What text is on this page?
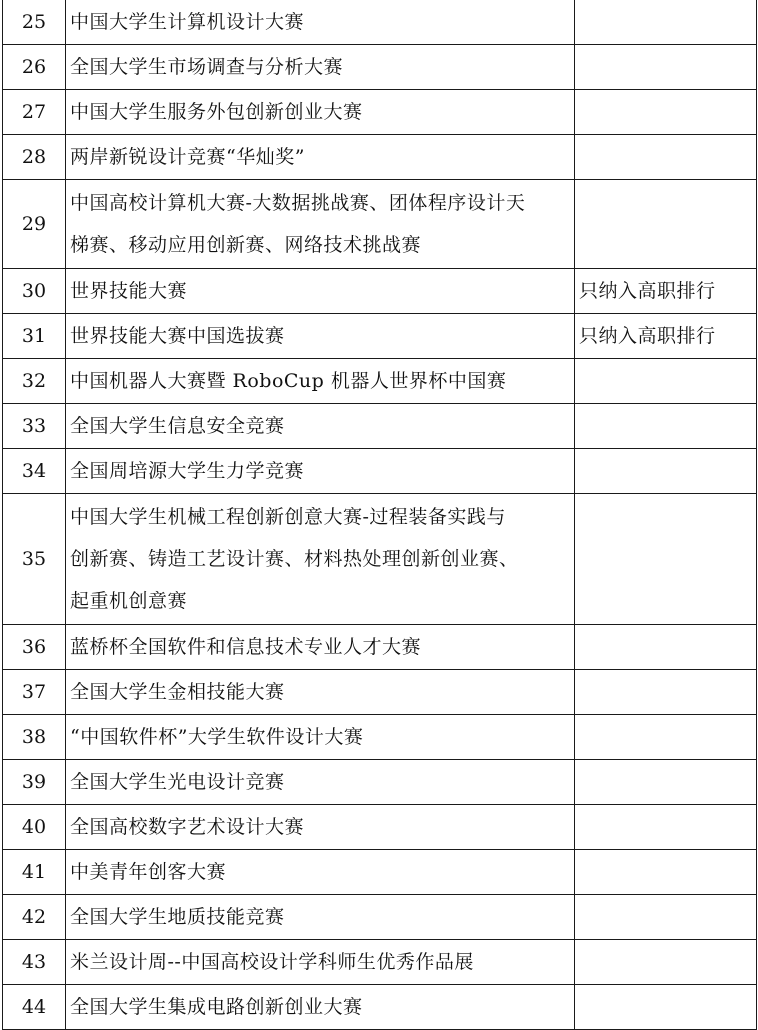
25	中国大学生计算机设计大赛	
26	全国大学生市场调查与分析大赛	
27	中国大学生服务外包创新创业大赛	
28	两岸新锐设计竞赛“华灿奖”	
29	中国高校计算机大赛-大数据挑战赛、团体程序设计天
梯赛、移动应用创新赛、网络技术挑战赛	
30	世界技能大赛	只纳入高职排行
31	世界技能大赛中国选拔赛	只纳入高职排行
32	中国机器人大赛暨 RoboCup 机器人世界杯中国赛	
33	全国大学生信息安全竞赛	
34	全国周培源大学生力学竞赛	
35	中国大学生机械工程创新创意大赛-过程装备实践与
创新赛、铸造工艺设计赛、材料热处理创新创业赛、
起重机创意赛	
36	蓝桥杯全国软件和信息技术专业人才大赛	
37	全国大学生金相技能大赛	
38	“中国软件杯”大学生软件设计大赛	
39	全国大学生光电设计竞赛	
40	全国高校数字艺术设计大赛	
41	中美青年创客大赛	
42	全国大学生地质技能竞赛	
43	米兰设计周--中国高校设计学科师生优秀作品展	
44	全国大学生集成电路创新创业大赛	
